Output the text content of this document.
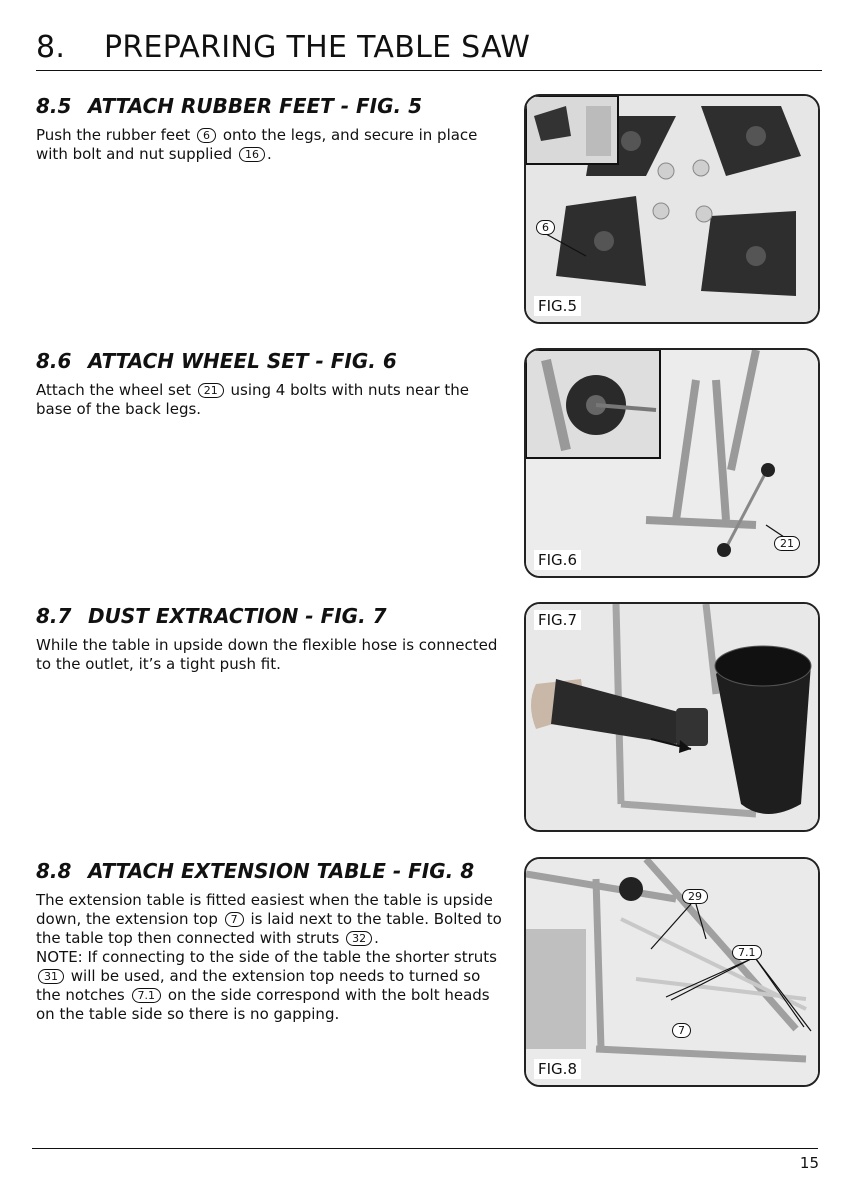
8. PREPARING THE TABLE SAW
8.5 ATTACH RUBBER FEET - FIG. 5

Push the rubber feet 6 onto the legs, and secure in place with bolt and nut supplied 16 .

6
FIG.5
8.6 ATTACH WHEEL SET - FIG. 6

Attach the wheel set 21 using 4 bolts with nuts near the base of the back legs.

21
FIG.6
8.7 DUST EXTRACTION - FIG. 7

While the table in upside down the flexible hose is connected to the outlet, it’s a tight push fit.

FIG.7
8.8 ATTACH EXTENSION TABLE - FIG. 8

The extension table is fitted easiest when the table is upside down, the extension top 7 is laid next to the table. Bolted to the table top then connected with struts 32 .

NOTE: If connecting to the side of the table the shorter struts 31 will be used, and the extension top needs to turned so the notches 7.1 on the side correspond with the bolt heads on the table side so there is no gapping.

29
7.1
7
FIG.8
15
